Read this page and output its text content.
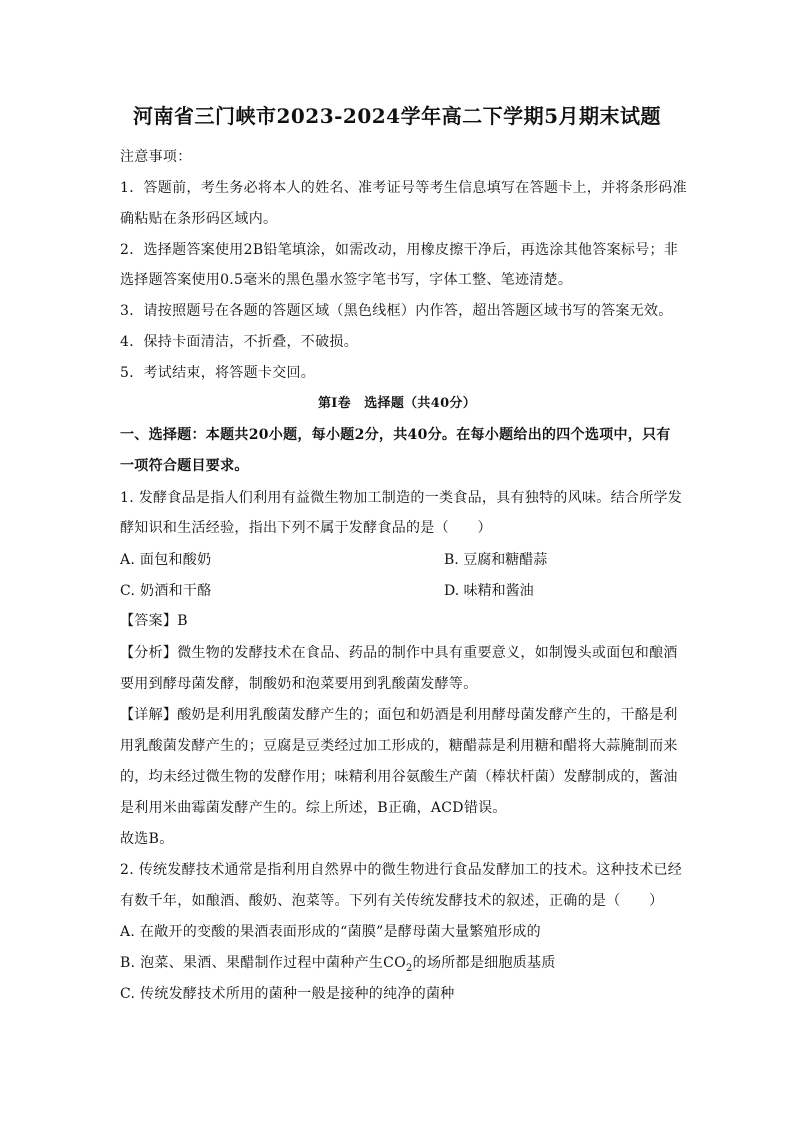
河南省三门峡市2023-2024学年高二下学期5月期末试题
注意事项：
1．答题前，考生务必将本人的姓名、准考证号等考生信息填写在答题卡上，并将条形码准
确粘贴在条形码区域内。
2．选择题答案使用2B铅笔填涂，如需改动，用橡皮擦干净后，再选涂其他答案标号；非
选择题答案使用0.5毫米的黑色墨水签字笔书写，字体工整、笔迹清楚。
3．请按照题号在各题的答题区域（黑色线框）内作答，超出答题区域书写的答案无效。
4．保持卡面清洁，不折叠，不破损。
5．考试结束，将答题卡交回。
第Ⅰ卷　选择题（共40分）
一、选择题：本题共20小题，每小题2分，共40分。在每小题给出的四个选项中，只有
一项符合题目要求。
1. 发酵食品是指人们利用有益微生物加工制造的一类食品，具有独特的风味。结合所学发
酵知识和生活经验，指出下列不属于发酵食品的是（　　）
A. 面包和酸奶	B. 豆腐和糖醋蒜
C. 奶酒和干酪	D. 味精和酱油
【答案】B
【分析】微生物的发酵技术在食品、药品的制作中具有重要意义，如制馒头或面包和酿酒
要用到酵母菌发酵，制酸奶和泡菜要用到乳酸菌发酵等。
【详解】酸奶是利用乳酸菌发酵产生的；面包和奶酒是利用酵母菌发酵产生的，干酪是利
用乳酸菌发酵产生的；豆腐是豆类经过加工形成的，糖醋蒜是利用糖和醋将大蒜腌制而来
的，均未经过微生物的发酵作用；味精利用谷氨酸生产菌（棒状杆菌）发酵制成的，酱油
是利用米曲霉菌发酵产生的。综上所述，B正确，ACD错误。
故选B。
2. 传统发酵技术通常是指利用自然界中的微生物进行食品发酵加工的技术。这种技术已经
有数千年，如酿酒、酸奶、泡菜等。下列有关传统发酵技术的叙述，正确的是（　　）
A. 在敞开的变酸的果酒表面形成的“菌膜”是酵母菌大量繁殖形成的
B. 泡菜、果酒、果醋制作过程中菌种产生$CO_2$的场所都是细胞质基质
C. 传统发酵技术所用的菌种一般是接种的纯净的菌种
